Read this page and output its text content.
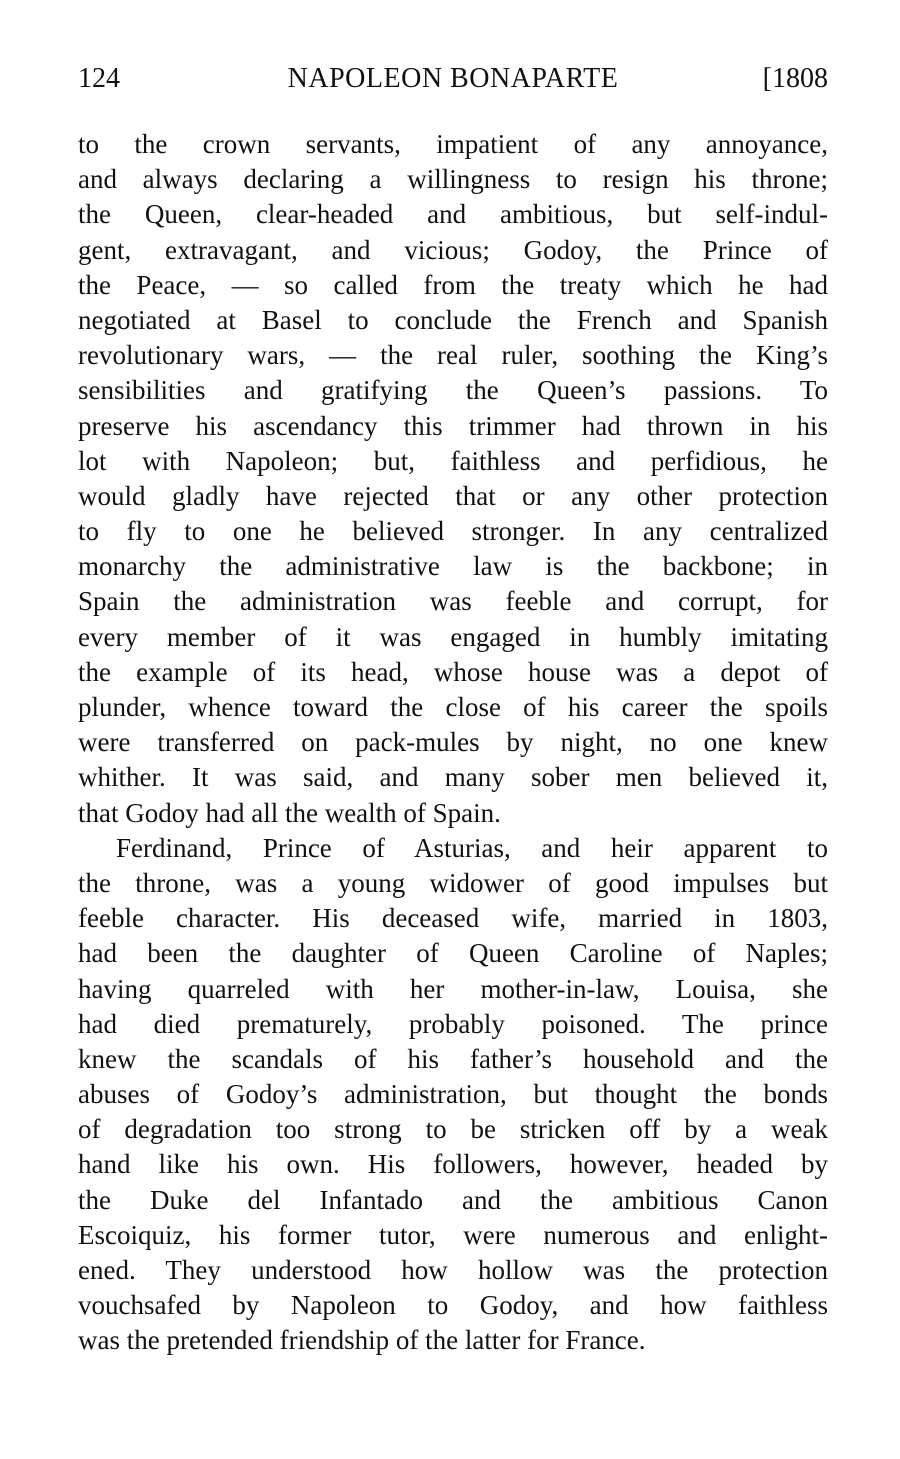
124	NAPOLEON BONAPARTE	[1808
to the crown servants, impatient of any annoyance,
and always declaring a willingness to resign his throne;
the Queen, clear-headed and ambitious, but self-indul-
gent, extravagant, and vicious; Godoy, the Prince of
the Peace, — so called from the treaty which he had
negotiated at Basel to conclude the French and Spanish
revolutionary wars, — the real ruler, soothing the King’s
sensibilities and gratifying the Queen’s passions. To
preserve his ascendancy this trimmer had thrown in his
lot with Napoleon; but, faithless and perfidious, he
would gladly have rejected that or any other protection
to fly to one he believed stronger. In any centralized
monarchy the administrative law is the backbone; in
Spain the administration was feeble and corrupt, for
every member of it was engaged in humbly imitating
the example of its head, whose house was a depot of
plunder, whence toward the close of his career the spoils
were transferred on pack-mules by night, no one knew
whither. It was said, and many sober men believed it,
that Godoy had all the wealth of Spain.
Ferdinand, Prince of Asturias, and heir apparent to
the throne, was a young widower of good impulses but
feeble character. His deceased wife, married in 1803,
had been the daughter of Queen Caroline of Naples;
having quarreled with her mother-in-law, Louisa, she
had died prematurely, probably poisoned. The prince
knew the scandals of his father’s household and the
abuses of Godoy’s administration, but thought the bonds
of degradation too strong to be stricken off by a weak
hand like his own. His followers, however, headed by
the Duke del Infantado and the ambitious Canon
Escoiquiz, his former tutor, were numerous and enlight-
ened. They understood how hollow was the protection
vouchsafed by Napoleon to Godoy, and how faithless
was the pretended friendship of the latter for France.
